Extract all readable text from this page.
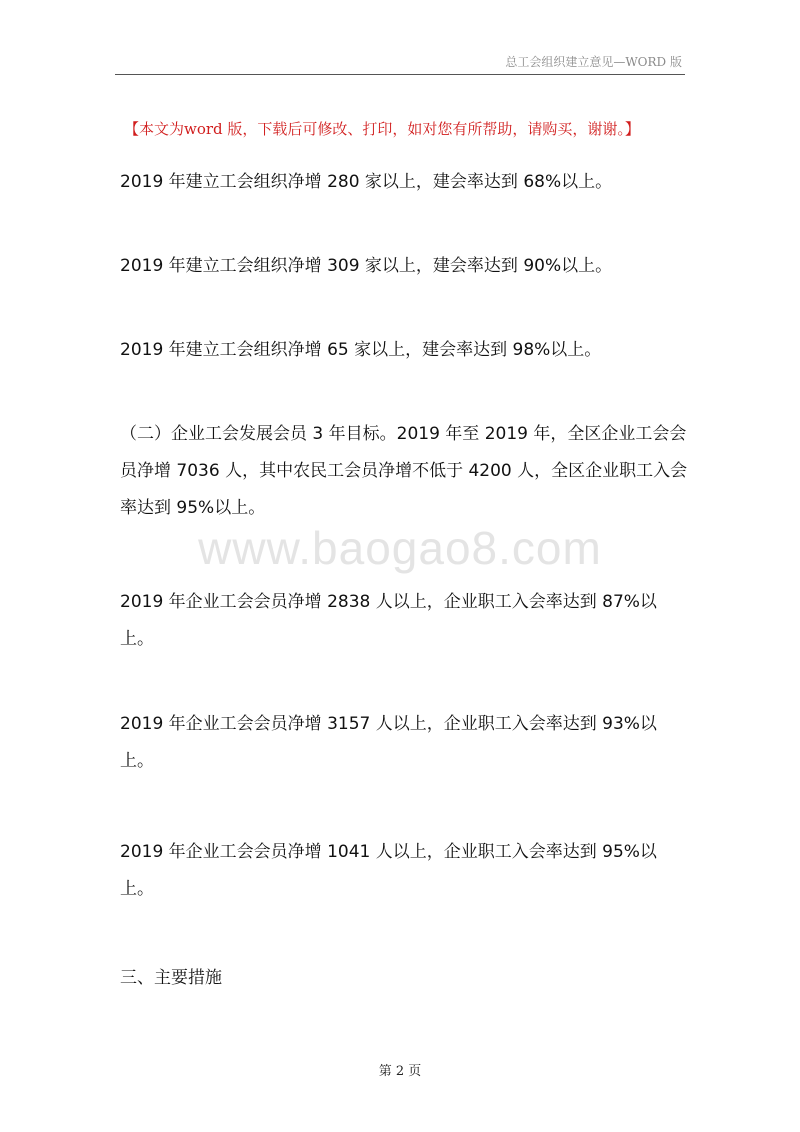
总工会组织建立意见—WORD 版
【本文为word 版，下载后可修改、打印，如对您有所帮助，请购买，谢谢。】

2019 年建立工会组织净增 280 家以上，建会率达到 68%以上。

2019 年建立工会组织净增 309 家以上，建会率达到 90%以上。

2019 年建立工会组织净增 65 家以上，建会率达到 98%以上。

（二）企业工会发展会员 3 年目标。2019 年至 2019 年，全区企业工会会员净增 7036 人，其中农民工会员净增不低于 4200 人，全区企业职工入会率达到 95%以上。

www.baogao8.com

2019 年企业工会会员净增 2838 人以上，企业职工入会率达到 87%以上。

2019 年企业工会会员净增 3157 人以上，企业职工入会率达到 93%以上。

2019 年企业工会会员净增 1041 人以上，企业职工入会率达到 95%以上。

三、主要措施

第 2 页
